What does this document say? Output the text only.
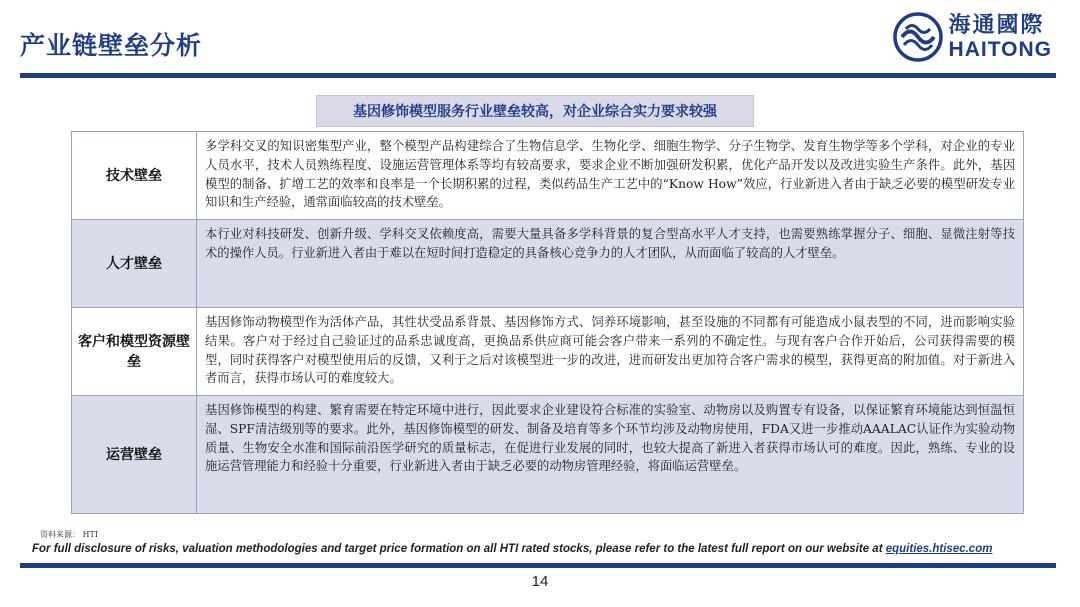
产业链壁垒分析
海通國際
HAITONG
基因修饰模型服务行业壁垒较高，对企业综合实力要求较强
技术壁垒	多学科交叉的知识密集型产业，整个模型产品构建综合了生物信息学、生物化学、细胞生物学、分子生物学、发育生物学等多个学科，对企业的专业人员水平，技术人员熟练程度、设施运营管理体系等均有较高要求，要求企业不断加强研发积累，优化产品开发以及改进实验生产条件。此外，基因模型的制备、扩增工艺的效率和良率是一个长期积累的过程，类似药品生产工艺中的“Know How”效应，行业新进入者由于缺乏必要的模型研发专业知识和生产经验，通常面临较高的技术壁垒。
人才壁垒	本行业对科技研发、创新升级、学科交叉依赖度高，需要大量具备多学科背景的复合型高水平人才支持，也需要熟练掌握分子、细胞、显微注射等技术的操作人员。行业新进入者由于难以在短时间打造稳定的具备核心竞争力的人才团队，从而面临了较高的人才壁垒。
客户和模型资源壁垒	基因修饰动物模型作为活体产品，其性状受品系背景、基因修饰方式、饲养环境影响，甚至设施的不同都有可能造成小鼠表型的不同，进而影响实验结果。客户对于经过自己验证过的品系忠诚度高，更换品系供应商可能会客户带来一系列的不确定性。与现有客户合作开始后，公司获得需要的模型，同时获得客户对模型使用后的反馈，又利于之后对该模型进一步的改进，进而研发出更加符合客户需求的模型，获得更高的附加值。对于新进入者而言，获得市场认可的难度较大。
运营壁垒	基因修饰模型的构建、繁育需要在特定环境中进行，因此要求企业建设符合标准的实验室、动物房以及购置专有设备，以保证繁育环境能达到恒温恒湿、SPF清洁级别等的要求。此外，基因修饰模型的研发、制备及培育等多个环节均涉及动物房使用，FDA又进一步推动AAALAC认证作为实验动物质量、生物安全水准和国际前沿医学研究的质量标志，在促进行业发展的同时，也较大提高了新进入者获得市场认可的难度。因此，熟练、专业的设施运营管理能力和经验十分重要，行业新进入者由于缺乏必要的动物房管理经验，将面临运营壁垒。
资料来源： HTI
For full disclosure of risks, valuation methodologies and target price formation on all HTI rated stocks, please refer to the latest full report on our website at equities.htisec.com
14
